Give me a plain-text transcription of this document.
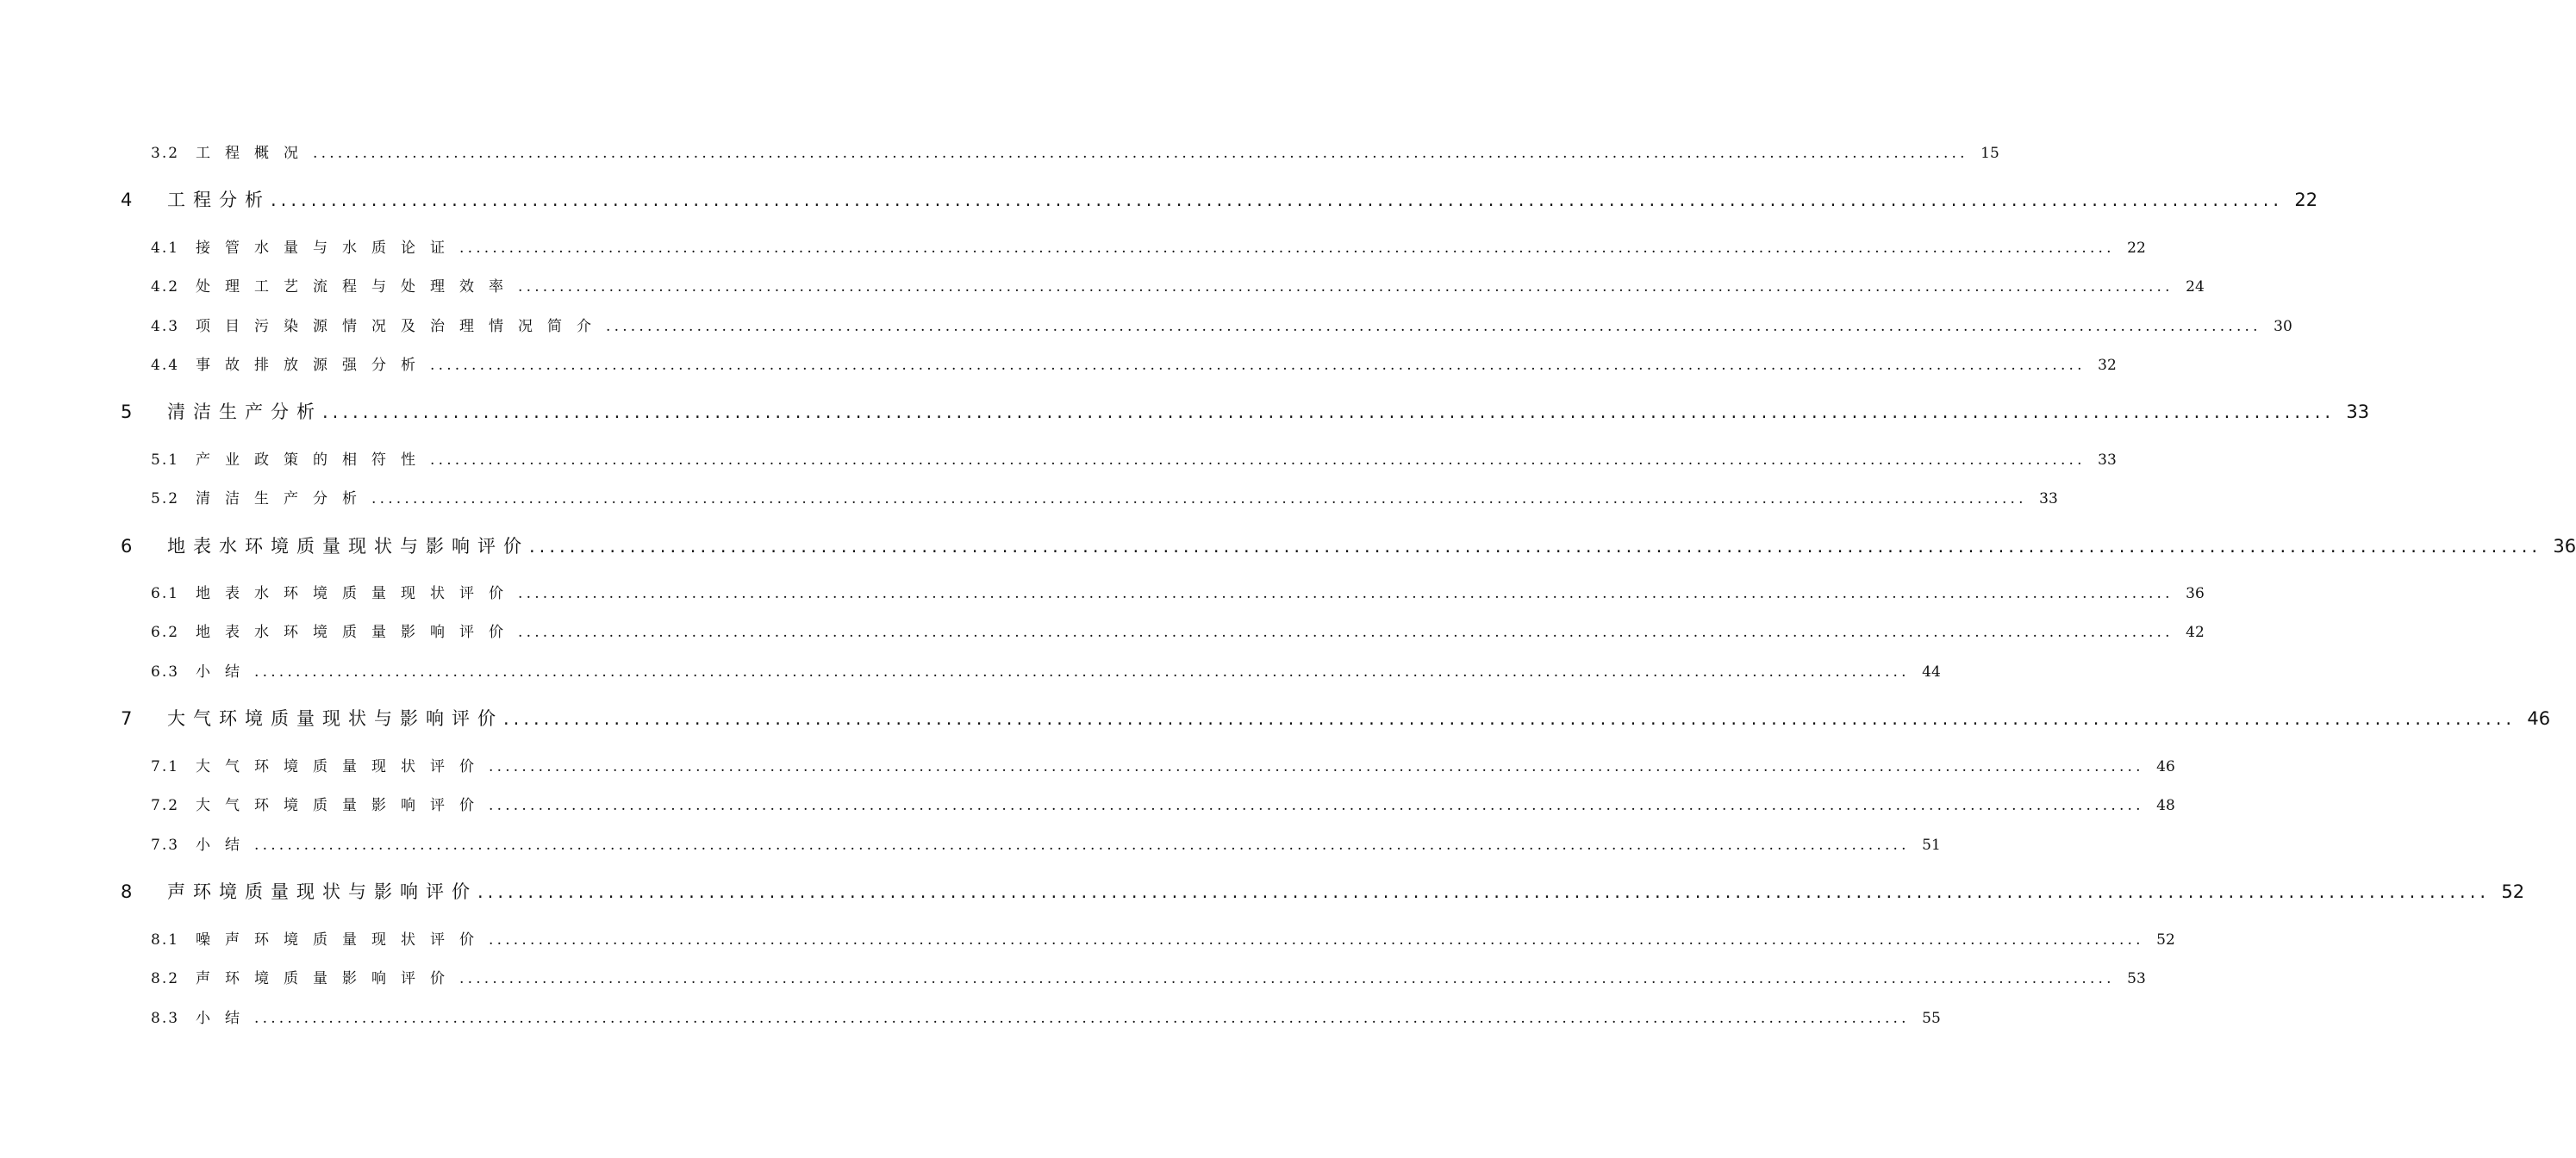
3.2	工程概况 ........................................................................................................................................................................................................ 15
4	工程分析 ........................................................................................................................................................................................................ 22
4.1	接管水量与水质论证 ........................................................................................................................................................................................................ 22
4.2	处理工艺流程与处理效率 ........................................................................................................................................................................................................ 24
4.3	项目污染源情况及治理情况简介 ........................................................................................................................................................................................................ 30
4.4	事故排放源强分析 ........................................................................................................................................................................................................ 32
5	清洁生产分析 ........................................................................................................................................................................................................ 33
5.1	产业政策的相符性 ........................................................................................................................................................................................................ 33
5.2	清洁生产分析 ........................................................................................................................................................................................................ 33
6	地表水环境质量现状与影响评价 ........................................................................................................................................................................................................ 36
6.1	地表水环境质量现状评价 ........................................................................................................................................................................................................ 36
6.2	地表水环境质量影响评价 ........................................................................................................................................................................................................ 42
6.3	小结 ........................................................................................................................................................................................................ 44
7	大气环境质量现状与影响评价 ........................................................................................................................................................................................................ 46
7.1	大气环境质量现状评价 ........................................................................................................................................................................................................ 46
7.2	大气环境质量影响评价 ........................................................................................................................................................................................................ 48
7.3	小结 ........................................................................................................................................................................................................ 51
8	声环境质量现状与影响评价 ........................................................................................................................................................................................................ 52
8.1	噪声环境质量现状评价 ........................................................................................................................................................................................................ 52
8.2	声环境质量影响评价 ........................................................................................................................................................................................................ 53
8.3	小结 ........................................................................................................................................................................................................ 55
